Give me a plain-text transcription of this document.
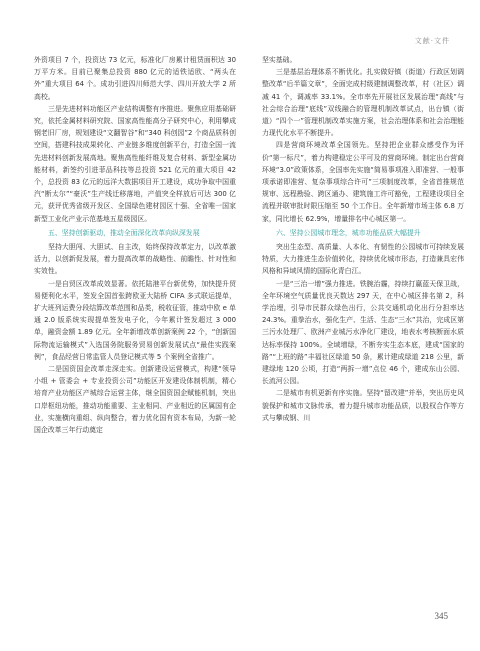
文献·文件

外资项目 7 个，投资达 73 亿元，标准化厂房累计租赁面积达 30 万平方米。目前已聚集总投资 880 亿元的适铁适欧、“两头在外”重大项目 64 个。成功引进四川师范大学、四川开放大学 2 所高校。

三是先进材料功能区产业结构调整有序推进。聚焦应用基础研究，依托金属材料研究院、国家高性能高分子研究中心，利用攀成钢老旧厂房，规划建设“文翻智谷”和“340 科创园”2 个商品质科创空间，搭建科技成果转化、产业链多维度创新平台，打造全国一流先进材料创新发展高地。聚焦高性能纤维及复合材料、新型金属功能材料，新签约引进菲品科技等总投资 521 亿元的重大项目 42 个，总投资 83 亿元的远洋大数据项目开工建设，成功争取中国重汽“断太尔”“豪沃”生产线迁移落地，产值突全样放后可达 300 亿元，获评优秀省级开发区、全国绿色建材园区十强、全省唯一国家新型工业化产业示范基地五星级园区。

五、坚持创新驱动，推动全面深化改革向纵深发展

坚持大胆闯、大胆试、自主改，始终保持改革定力，以改革激活力，以创新促发展，着力提高改革的战略性、前瞻性、针对性和实效性。

一是自贸区改革成效显著。依托陆港平台新优势，加快提升贸易便利化水平，签发全国首张跨欧亚大陆桥 CIFA 多式联运提单，扩大班列运费分段结算改革范围和品类，税收征管，推动中欧 e 单通 2.0 版系统实现提单签发电子化，今年累计签发超过 3 000 单，融资金额 1.89 亿元。全年新增改革创新案例 22 个，“创新国际物流运输模式”入选国务院服务贸易创新发展试点“最佳实践案例”，食品经营日常监管人员登记模式等 5 个案例全省推广。

二是国资国企改革走深走实。创新建设运营模式，构建“领导小组 + 管委会 + 专业投资公司”功能区开发建设体制机制，精心培育产业功能区产城综合运营主体，继全国资国企赋能机制，突出口岸枢纽功能，推动功能重要、主业相同、产业相近的区属国有企业，实施横向重组、纵向整合，着力优化国有资本布局，为新一轮国企改革三年行动奠定

坚实基础。

三是基层治理体系不断优化。扎实做好镇（街道）行政区划调整改革“后半篇文章”，全面完成村级建制调整改革，村（社区）调减 41 个，调减率 33.1%。全市率先开展社区发展治理“高线”与社会综合治理“底线”双线融合的管理机制改革试点，出台镇（街道）“四个一”管理机制改革实施方案，社会治理体系和社会治理能力现代化水平不断提升。

四是营商环境改革全国领先。坚持把企业群众感受作为评价“第一标尺”，着力构建稳定公平可及的营商环境。制定出台营商环境“3.0”政策体系，全国率先实施“简易事项准入即准营、一般事项承诺即准营、复杂事项综合许可”三项制度改革，全省首推规范规审、远程勘验、跨区通办、建筑施工许可豁免，工程建设项目全流程并联审批时限压缩至 50 个工作日。全年新增市场主体 6.8 万家，同比增长 62.9%，增量排名中心城区第一。

六、坚持公园城市理念，城市功能品质大幅提升

突出生态型、高质量、人本化、有韧性的公园城市可持续发展特质，大力推进生态价值转化，持续优化城市形态，打造兼具宏伟风格和异域风情的国际化青白江。

一是“三治一增”强力推进。铁腕治霾，持续打赢蓝天保卫战，全年环境空气质量优良天数达 297 天，在中心城区排名第 2，科学治埋，引导市民群众绿色出行，公共交通机动化出行分担率达 24.3%。重拳治水，强化生产、生活、生态“三水”共治，完成区第三污水处理厂、欧洲产业城污水净化厂建设，地表水考核断面水质达标率保持 100%。全域增绿，不断夯实生态本底，建成“国家的路”“上班的路”丰福社区绿道 50 条，累计建成绿道 218 公里，新建绿地 120 公顷，打造“两拆一增”点位 46 个，建成东山公园、长流河公园。

二是城市有机更新有序实施。坚持“留改建”并举，突出历史风貌保护和城市文脉传承，着力提升城市功能品质，以股权合作等方式与攀成钢、川

345
